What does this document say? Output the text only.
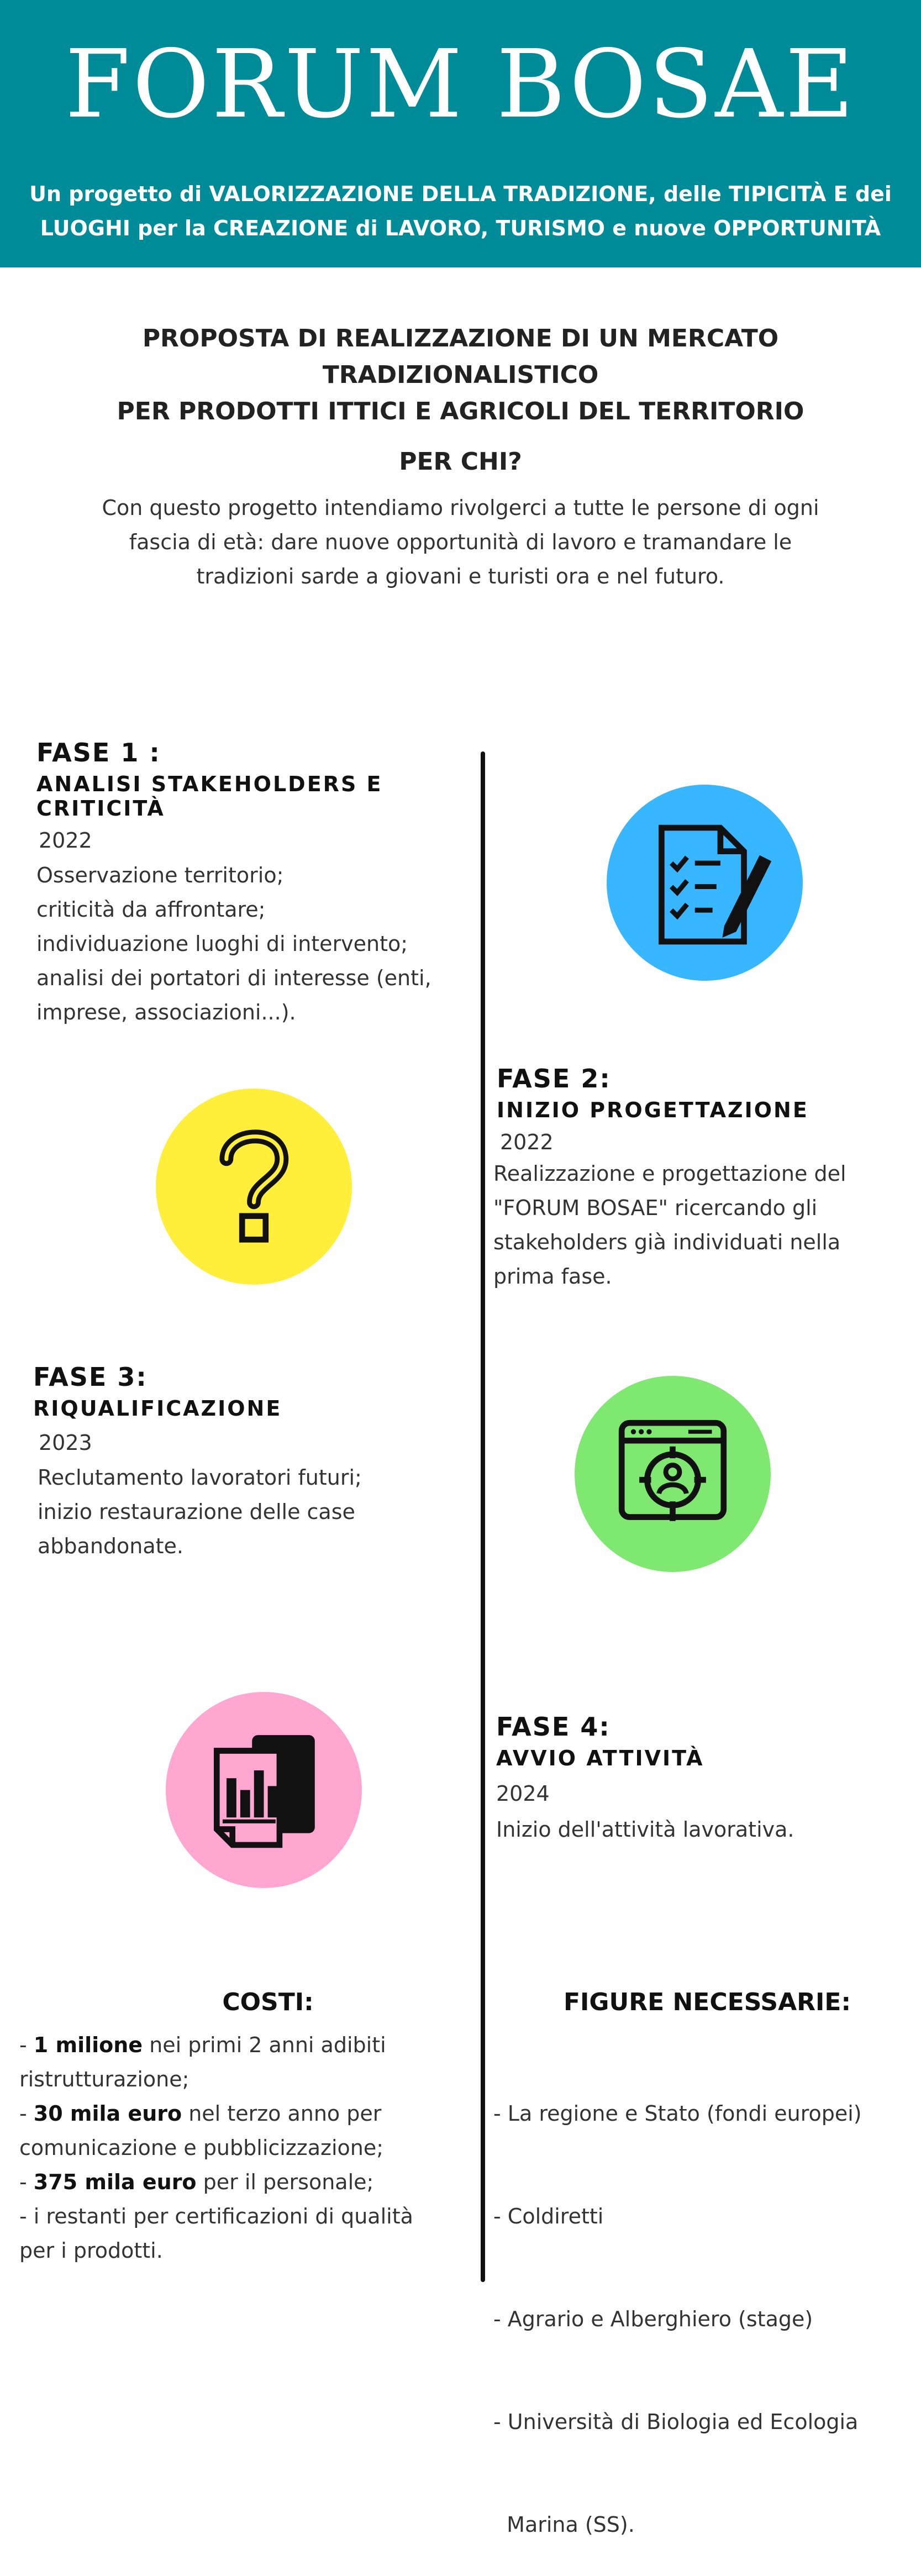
FORUM BOSAE
Un progetto di VALORIZZAZIONE DELLA TRADIZIONE, delle TIPICITÀ E dei
LUOGHI per la CREAZIONE di LAVORO, TURISMO e nuove OPPORTUNITÀ
PROPOSTA DI REALIZZAZIONE DI UN MERCATO TRADIZIONALISTICO
PER PRODOTTI ITTICI E AGRICOLI DEL TERRITORIO
PER CHI?
Con questo progetto intendiamo rivolgerci a tutte le persone di ogni
fascia di età: dare nuove opportunità di lavoro e tramandare le
tradizioni sarde a giovani e turisti ora e nel futuro.
FASE 1 :
ANALISI STAKEHOLDERS E CRITICITÀ
2022
Osservazione territorio;
criticità da affrontare;
individuazione luoghi di intervento;
analisi dei portatori di interesse (enti,
imprese, associazioni...).
FASE 2:
INIZIO PROGETTAZIONE
2022
Realizzazione e progettazione del
"FORUM BOSAE" ricercando gli
stakeholders già individuati nella
prima fase.
FASE 3:
RIQUALIFICAZIONE
2023
Reclutamento lavoratori futuri;
inizio restaurazione delle case
abbandonate.
FASE 4:
AVVIO ATTIVITÀ
2024
Inizio dell'attività lavorativa.
COSTI:
- 1 milione nei primi 2 anni adibiti
ristrutturazione;
- 30 mila euro nel terzo anno per
comunicazione e pubblicizzazione;
- 375 mila euro per il personale;
- i restanti per certificazioni di qualità
per i prodotti.
FIGURE NECESSARIE:

- La regione e Stato (fondi europei)

- Coldiretti

- Agrario e Alberghiero (stage)

- Università di Biologia ed Ecologia

Marina (SS).
